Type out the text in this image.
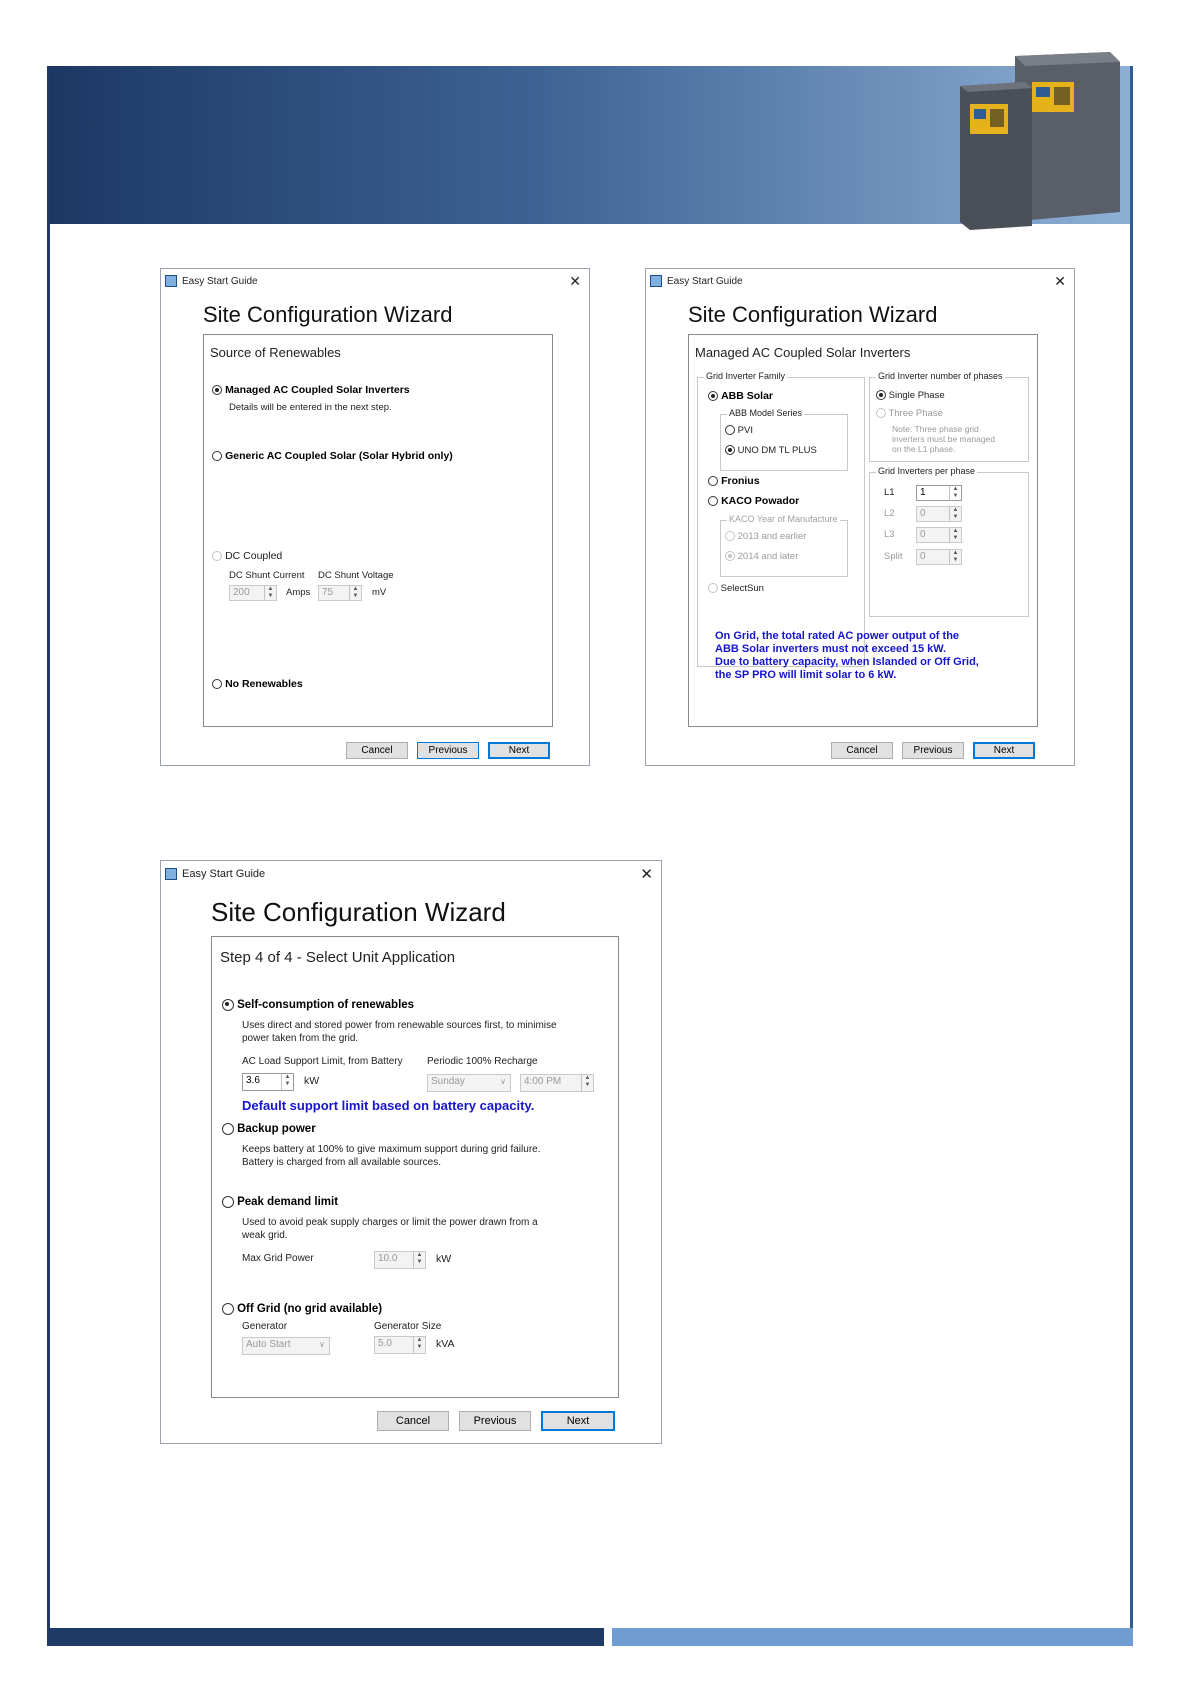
Easy Start Guide	✕
Site Configuration Wizard
Source of Renewables
Managed AC Coupled Solar Inverters
Details will be entered in the next step.
Generic AC Coupled Solar (Solar Hybrid only)
DC Coupled
DC Shunt Current DC Shunt Voltage
200	▲
▼ Amps	75	▲
▼ mV
No Renewables
Cancel	Previous	Next
Easy Start Guide	✕
Site Configuration Wizard
Managed AC Coupled Solar Inverters
Grid Inverter Family
ABB Solar
ABB Model Series
PVI
UNO DM TL PLUS
Fronius
KACO Powador
KACO Year of Manufacture
2013 and earlier
2014 and later
SelectSun
Grid Inverter number of phases
Single Phase
Three Phase
Note: Three phase grid inverters must be managed on the L1 phase.
Grid Inverters per phase
L1	1	▲
▼
L2	0	▲
▼
L3	0	▲
▼
Split	0	▲
▼
On Grid, the total rated AC power output of the
ABB Solar inverters must not exceed 15 kW.
Due to battery capacity, when Islanded or Off Grid,
the SP PRO will limit solar to 6 kW.
Cancel	Previous	Next
Easy Start Guide	✕
Site Configuration Wizard
Step 4 of 4 - Select Unit Application
Self-consumption of renewables
Uses direct and stored power from renewable sources first, to minimise
power taken from the grid.
AC Load Support Limit, from Battery Periodic 100% Recharge
3.6	▲
▼ kW	Sunday	∨	4:00 PM	▲
▼
Default support limit based on battery capacity.
Backup power
Keeps battery at 100% to give maximum support during grid failure.
Battery is charged from all available sources.
Peak demand limit
Used to avoid peak supply charges or limit the power drawn from a
weak grid.
Max Grid Power	10.0	▲
▼ kW
Off Grid (no grid available)
Generator	Generator Size
Auto Start	∨	5.0	▲
▼ kVA
Cancel	Previous	Next
